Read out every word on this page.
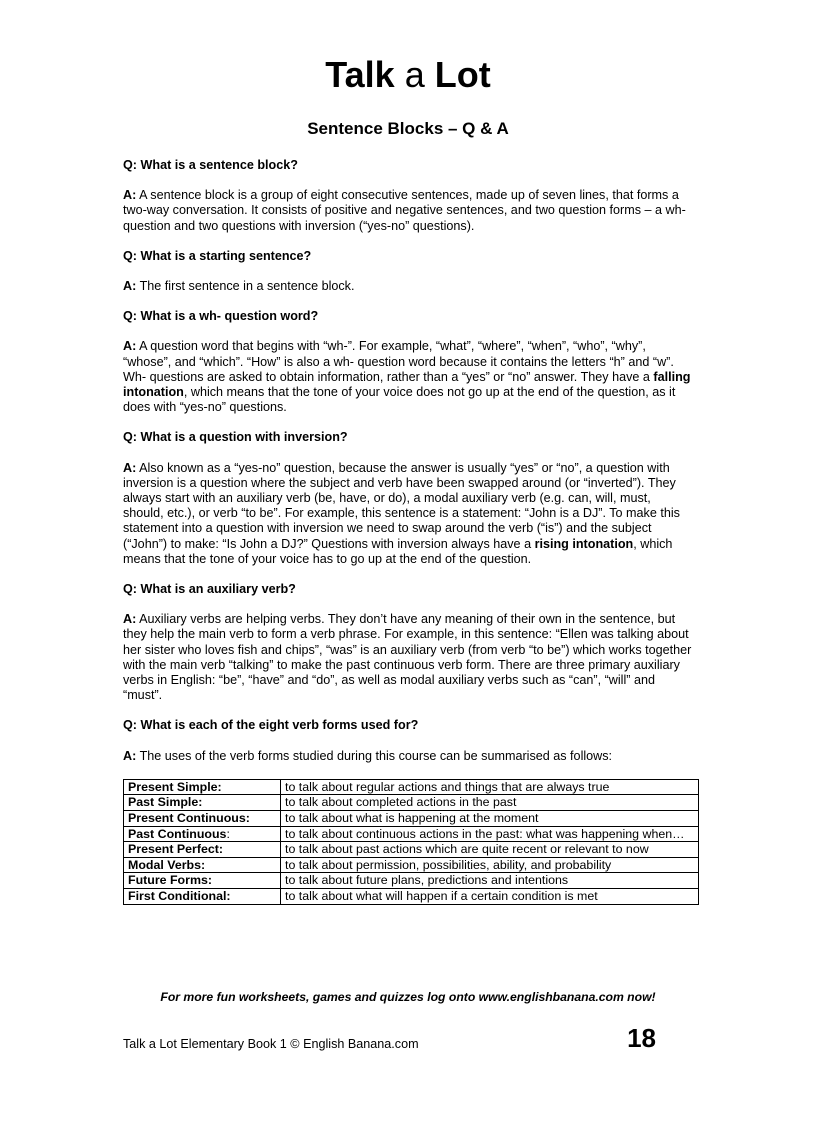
Talk a Lot
Sentence Blocks – Q & A
Q: What is a sentence block?
A: A sentence block is a group of eight consecutive sentences, made up of seven lines, that forms a two-way conversation. It consists of positive and negative sentences, and two question forms – a wh- question and two questions with inversion (“yes-no” questions).
Q: What is a starting sentence?
A: The first sentence in a sentence block.
Q: What is a wh- question word?
A: A question word that begins with “wh-”. For example, “what”, “where”, “when”, “who”, “why”, “whose”, and “which”. “How” is also a wh- question word because it contains the letters “h” and “w”. Wh- questions are asked to obtain information, rather than a “yes” or “no” answer. They have a falling intonation, which means that the tone of your voice does not go up at the end of the question, as it does with “yes-no” questions.
Q: What is a question with inversion?
A: Also known as a “yes-no” question, because the answer is usually “yes” or “no”, a question with inversion is a question where the subject and verb have been swapped around (or “inverted”). They always start with an auxiliary verb (be, have, or do), a modal auxiliary verb (e.g. can, will, must, should, etc.), or verb “to be”. For example, this sentence is a statement: “John is a DJ”. To make this statement into a question with inversion we need to swap around the verb (“is”) and the subject (“John”) to make: “Is John a DJ?” Questions with inversion always have a rising intonation, which means that the tone of your voice has to go up at the end of the question.
Q: What is an auxiliary verb?
A: Auxiliary verbs are helping verbs. They don’t have any meaning of their own in the sentence, but they help the main verb to form a verb phrase. For example, in this sentence: “Ellen was talking about her sister who loves fish and chips”, “was” is an auxiliary verb (from verb “to be”) which works together with the main verb “talking” to make the past continuous verb form. There are three primary auxiliary verbs in English: “be”, “have” and “do”, as well as modal auxiliary verbs such as “can”, “will” and “must”.
Q: What is each of the eight verb forms used for?
A: The uses of the verb forms studied during this course can be summarised as follows:
Present Simple:	to talk about regular actions and things that are always true
Past Simple:	to talk about completed actions in the past
Present Continuous:	to talk about what is happening at the moment
Past Continuous:	to talk about continuous actions in the past: what was happening when…
Present Perfect:	to talk about past actions which are quite recent or relevant to now
Modal Verbs:	to talk about permission, possibilities, ability, and probability
Future Forms:	to talk about future plans, predictions and intentions
First Conditional:	to talk about what will happen if a certain condition is met
For more fun worksheets, games and quizzes log onto www.englishbanana.com now!
Talk a Lot Elementary Book 1 © English Banana.com	18
